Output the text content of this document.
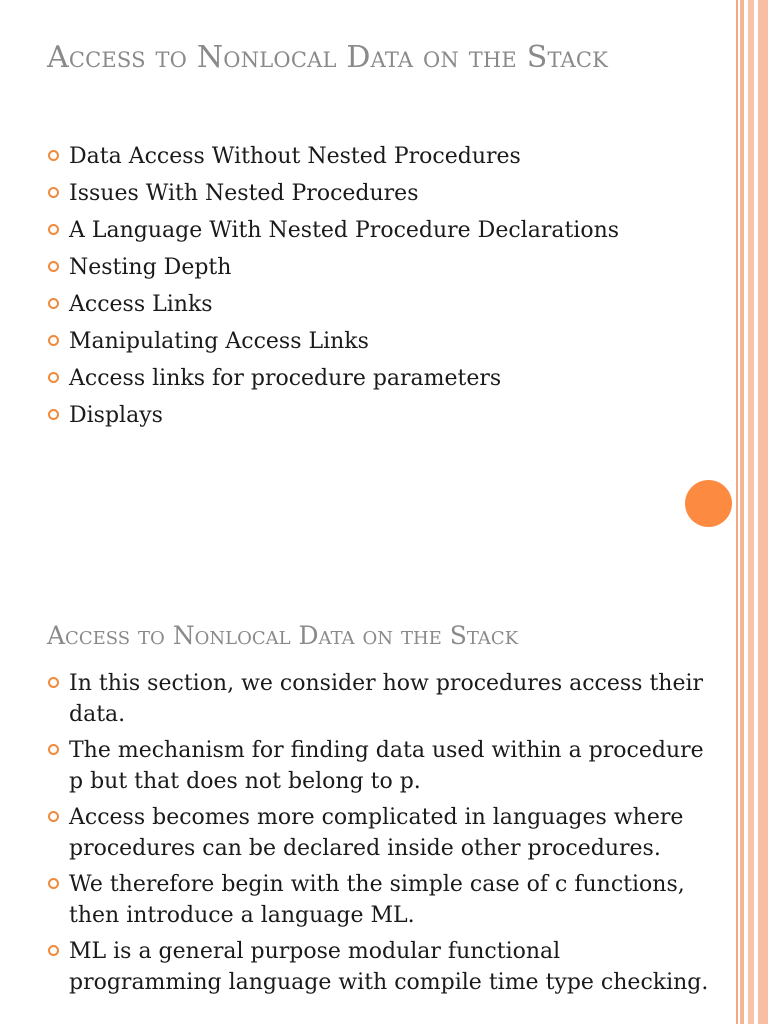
Access to Nonlocal Data on the Stack
Data Access Without Nested Procedures
Issues With Nested Procedures
A Language With Nested Procedure Declarations
Nesting Depth
Access Links
Manipulating Access Links
Access links for procedure parameters
Displays
Access to Nonlocal Data on the Stack
In this section, we consider how procedures access their data.
The mechanism for finding data used within a procedure p but that does not belong to p.
Access becomes more complicated in languages where procedures can be declared inside other procedures.
We therefore begin with the simple case of c functions, then introduce a language ML.
ML is a general purpose modular functional programming language with compile time type checking.
